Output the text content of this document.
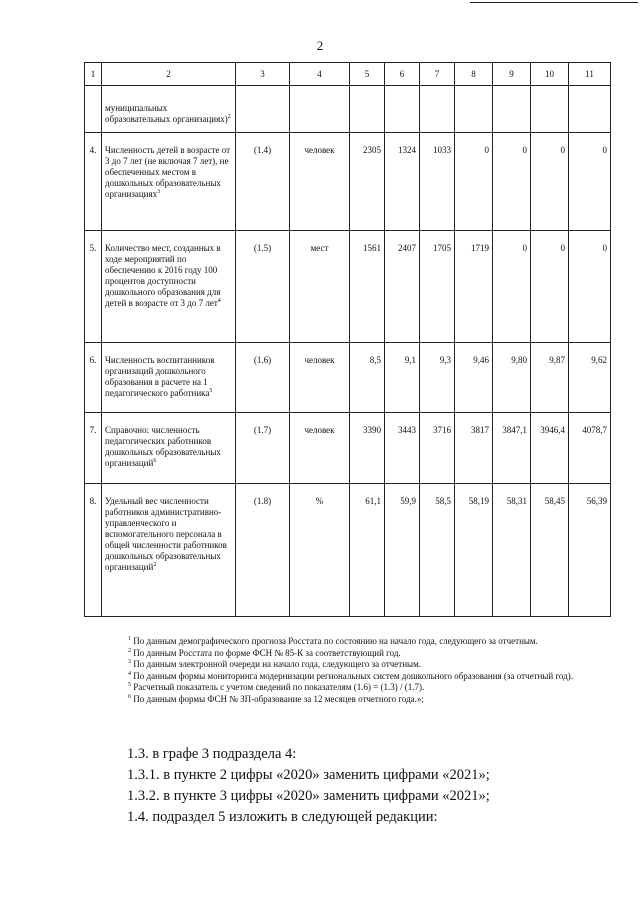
2
1	2	3	4	5	6	7	8	9	10	11
	муниципальных образовательных организациях)$^2$									
4.	Численность детей в возрасте от 3 до 7 лет (не включая 7 лет), не обеспеченных местом в дошкольных образовательных организациях$^3$	(1.4)	человек	2305	1324	1033	0	0	0	0
5.	Количество мест, созданных в ходе мероприятий по обеспечению к 2016 году 100 процентов доступности дошкольного образования для детей в возрасте от 3 до 7 лет$^4$	(1.5)	мест	1561	2407	1705	1719	0	0	0
6.	Численность воспитанников организаций дошкольного образования в расчете на 1 педагогического работника$^5$	(1.6)	человек	8,5	9,1	9,3	9,46	9,80	9,87	9,62
7.	Справочно: численность педагогических работников дошкольных образовательных организаций$^6$	(1.7)	человек	3390	3443	3716	3817	3847,1	3946,4	4078,7
8.	Удельный вес численности работников административно-управленческого и вспомогательного персонала в общей численности работников дошкольных образовательных организаций$^2$	(1.8)	%	61,1	59,9	58,5	58,19	58,31	58,45	56,39

$^1$ По данным демографического прогноза Росстата по состоянию на начало года, следующего за отчетным.

$^2$ По данным Росстата по форме ФСН № 85-К за соответствующий год.

$^3$ По данным электронной очереди на начало года, следующего за отчетным.

$^4$ По данным формы мониторинга модернизации региональных систем дошкольного образования (за отчетный год).

$^5$ Расчетный показатель с учетом сведений по показателям (1.6) = (1.3) / (1.7).

$^6$ По данным формы ФСН № ЗП-образование за 12 месяцев отчетного года.»;

1.3. в графе 3 подраздела 4:

1.3.1. в пункте 2 цифры «2020» заменить цифрами «2021»;

1.3.2. в пункте 3 цифры «2020» заменить цифрами «2021»;

1.4. подраздел 5 изложить в следующей редакции:
